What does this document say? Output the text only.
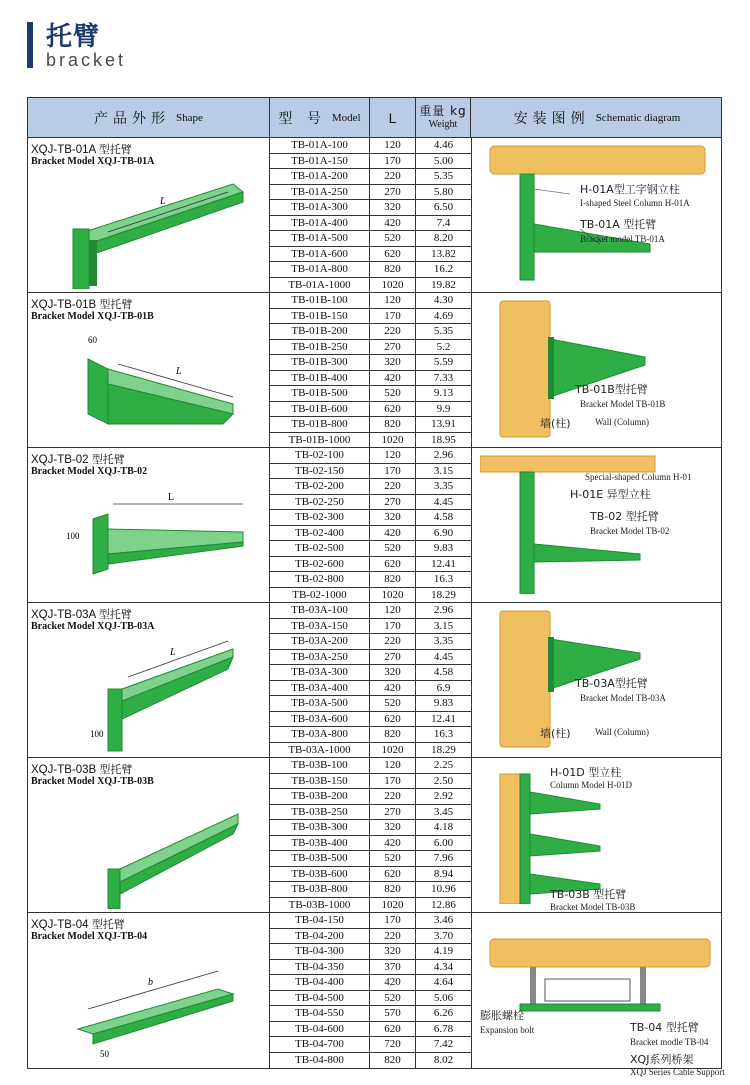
托臂
bracket
产品外形 Shape	型 号 Model	L	重量 kg
Weight	安装图例 Schematic diagram
XQJ-TB-01A 型托臂
Bracket Model XQJ-TB-01A
L
TB-01A-100	120	4.46
TB-01A-150	170	5.00
TB-01A-200	220	5.35
TB-01A-250	270	5.80
TB-01A-300	320	6.50
TB-01A-400	420	7.4
TB-01A-500	520	8.20
TB-01A-600	620	13.82
TB-01A-800	820	16.2
TB-01A-1000	1020	19.82
H-01A型工字钢立柱
I-shaped Steel Column H-01A
TB-01A 型托臂
Bracket model TB-01A
XQJ-TB-01B 型托臂
Bracket Model XQJ-TB-01B
L
60
TB-01B-100	120	4.30
TB-01B-150	170	4.69
TB-01B-200	220	5.35
TB-01B-250	270	5.2
TB-01B-300	320	5.59
TB-01B-400	420	7.33
TB-01B-500	520	9.13
TB-01B-600	620	9.9
TB-01B-800	820	13.91
TB-01B-1000	1020	18.95
TB-01B型托臂
Bracket Model TB-01B
墙(柱)	Wall (Column)
XQJ-TB-02 型托臂
Bracket Model XQJ-TB-02
L
100
TB-02-100	120	2.96
TB-02-150	170	3.15
TB-02-200	220	3.35
TB-02-250	270	4.45
TB-02-300	320	4.58
TB-02-400	420	6.90
TB-02-500	520	9.83
TB-02-600	620	12.41
TB-02-800	820	16.3
TB-02-1000	1020	18.29
Special-shaped Column H-01
H-01E 异型立柱
TB-02 型托臂
Bracket Model TB-02
XQJ-TB-03A 型托臂
Bracket Model XQJ-TB-03A
L
100
TB-03A-100	120	2.96
TB-03A-150	170	3.15
TB-03A-200	220	3.35
TB-03A-250	270	4.45
TB-03A-300	320	4.58
TB-03A-400	420	6.9
TB-03A-500	520	9.83
TB-03A-600	620	12.41
TB-03A-800	820	16.3
TB-03A-1000	1020	18.29
TB-03A型托臂
Bracket Model TB-03A
墙(柱)	Wall (Column)
XQJ-TB-03B 型托臂
Bracket Model XQJ-TB-03B
TB-03B-100	120	2.25
TB-03B-150	170	2.50
TB-03B-200	220	2.92
TB-03B-250	270	3.45
TB-03B-300	320	4.18
TB-03B-400	420	6.00
TB-03B-500	520	7.96
TB-03B-600	620	8.94
TB-03B-800	820	10.96
TB-03B-1000	1020	12.86
H-01D 型立柱
Column Model H-01D
TB-03B 型托臂
Bracket Model TB-03B
XQJ-TB-04 型托臂
Bracket Model XQJ-TB-04
b
50
TB-04-150	170	3.46
TB-04-200	220	3.70
TB-04-300	320	4.19
TB-04-350	370	4.34
TB-04-400	420	4.64
TB-04-500	520	5.06
TB-04-550	570	6.26
TB-04-600	620	6.78
TB-04-700	720	7.42
TB-04-800	820	8.02
膨胀螺栓
Expansion bolt	TB-04 型托臂
Bracket modle TB-04
XQJ系列桥架
XQJ Series Cable Support
